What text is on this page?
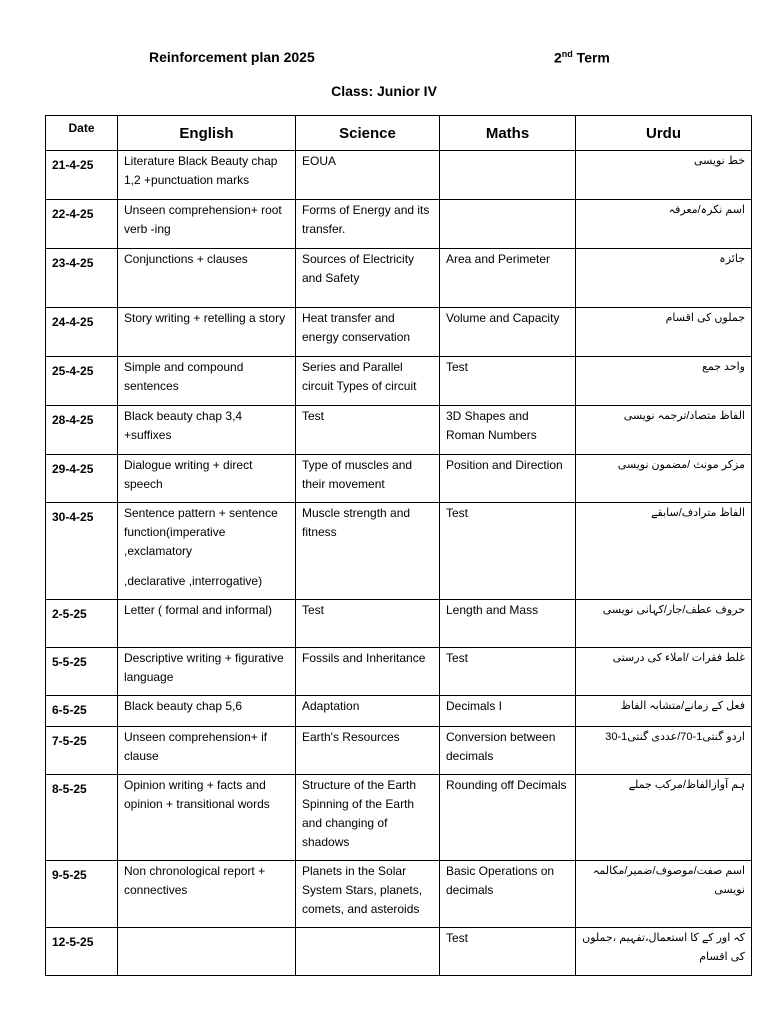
Reinforcement plan 2025	2nd Term
Class: Junior IV
Date	English	Science	Maths	Urdu

21-4-25	Literature Black Beauty chap 1,2 +punctuation marks	EOUA		خط نویسی

22-4-25	Unseen comprehension+ root verb -ing	Forms of Energy and its transfer.		اسم نکرہ/معرفہ

23-4-25	Conjunctions + clauses	Sources of Electricity and Safety	Area and Perimeter	جائزہ

24-4-25	Story writing + retelling a story	Heat transfer and energy conservation	Volume and Capacity	جملوں کی اقسام

25-4-25	Simple and compound sentences	Series and Parallel circuit Types of circuit	Test	واحد جمع

28-4-25	Black beauty chap 3,4 +suffixes	Test	3D Shapes and Roman Numbers	الفاظ متصاد/ترجمہ نویسی

29-4-25	Dialogue writing + direct speech	Type of muscles and their movement	Position and Direction	مزکر مونث /مضمون نویسی

30-4-25	Sentence pattern + sentence function(imperative ,exclamatory
,declarative ,interrogative)	Muscle strength and fitness	Test	الفاظ مترادف/سابقے

2-5-25	Letter ( formal and informal)	Test	Length and Mass	حروف عطف/جار/کہانی نویسی

5-5-25	Descriptive writing + figurative language	Fossils and Inheritance	Test	غلط فقرات /املاء کی درستی

6-5-25	Black beauty chap 5,6	Adaptation	Decimals I	فعل کے زمانے/متشابہ الفاظ

7-5-25	Unseen comprehension+ if clause	Earth's Resources	Conversion between decimals	اردو گنتی1-70/عددی گنتی1-30

8-5-25	Opinion writing + facts and opinion + transitional words	Structure of the Earth Spinning of the Earth and changing of shadows	Rounding off Decimals	ہم آوازالفاظ/مرکب جملے

9-5-25	Non chronological report + connectives	Planets in the Solar System Stars, planets, comets, and asteroids	Basic Operations on decimals	اسم صفت/موصوف/ضمیر/مکالمہ نویسی

12-5-25			Test	کہ اور کے کا استعمال،تفہیم ،جملوں کی اقسام
